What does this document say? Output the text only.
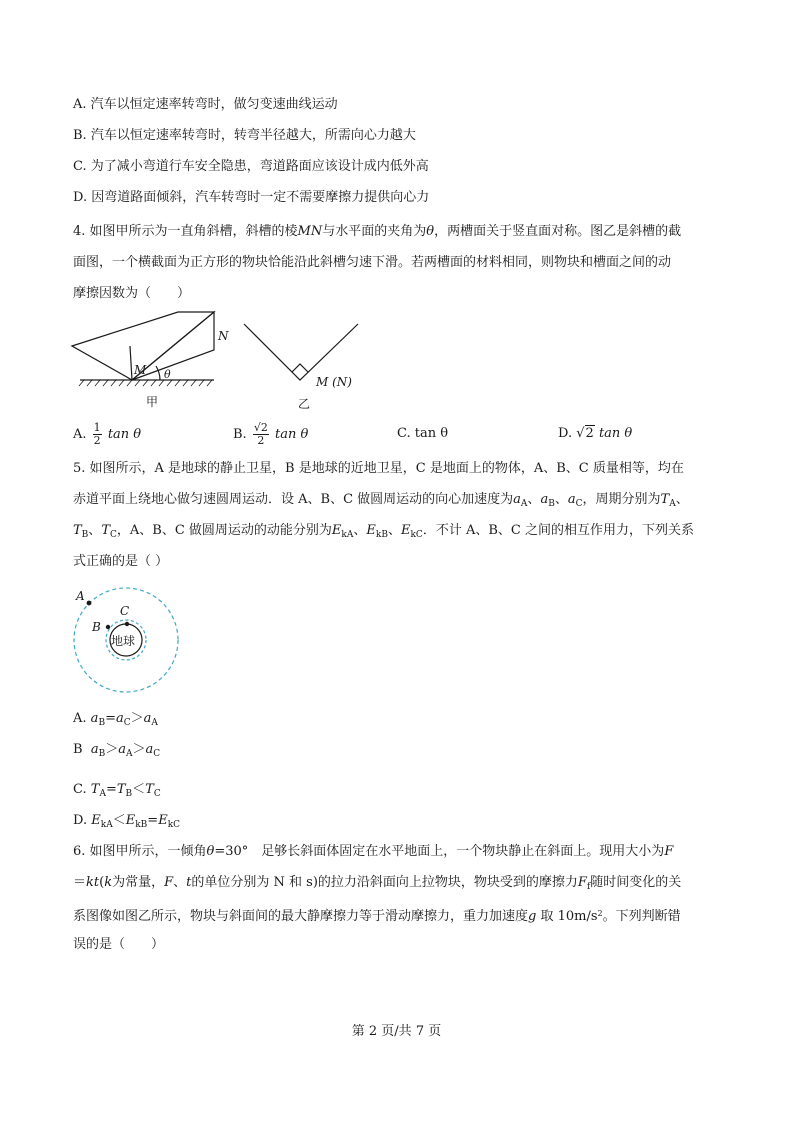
A. 汽车以恒定速率转弯时，做匀变速曲线运动
B. 汽车以恒定速率转弯时，转弯半径越大，所需向心力越大
C. 为了减小弯道行车安全隐患，弯道路面应该设计成内低外高
D. 因弯道路面倾斜，汽车转弯时一定不需要摩擦力提供向心力
4. 如图甲所示为一直角斜槽，斜槽的棱MN与水平面的夹角为θ，两槽面关于竖直面对称。图乙是斜槽的截
面图，一个横截面为正方形的物块恰能沿此斜槽匀速下滑。若两槽面的材料相同，则物块和槽面之间的动
摩擦因数为（　　）
N
M θ
甲
M (N)
乙
A. $\frac{1}{2}$ tan θ	B. $\frac{√2}{2}$ tan θ	C. tan θ	D. √2 tan θ
5. 如图所示，A 是地球的静止卫星，B 是地球的近地卫星，C 是地面上的物体，A、B、C 质量相等，均在
赤道平面上绕地心做匀速圆周运动．设 A、B、C 做圆周运动的向心加速度为$a_A$、$a_B$、$a_C$，周期分别为$T_A$、
$T_B$、$T_C$，A、B、C 做圆周运动的动能分别为$E_{kA}$、$E_{kB}$、$E_{kC}$．不计 A、B、C 之间的相互作用力，下列关系
式正确的是（ ）
A
B
C
地球
A. $a_B=a_C>a_A$
B $a_B>a_A>a_C$
C. $T_A=T_B<T_C$
D. $E_{kA}<E_{kB}=E_{kC}$
6. 如图甲所示，一倾角θ=30°　足够长斜面体固定在水平地面上，一个物块静止在斜面上。现用大小为F
＝kt(k为常量，F、t的单位分别为 N 和 s)的拉力沿斜面向上拉物块，物块受到的摩擦力$F_f$随时间变化的关
系图像如图乙所示，物块与斜面间的最大静摩擦力等于滑动摩擦力，重力加速度g 取 $10m/s^2$。下列判断错
误的是（　　）
第 2 页/共 7 页
